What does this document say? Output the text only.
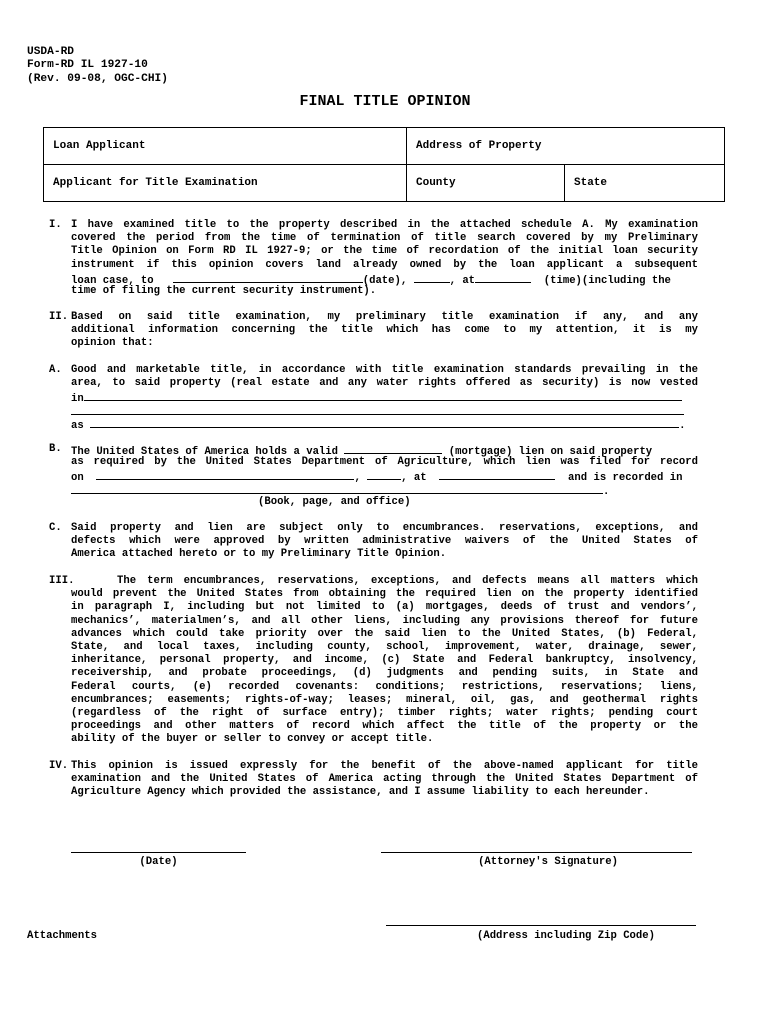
USDA-RD
Form-RD IL 1927-10
(Rev. 09-08, OGC-CHI)
FINAL TITLE OPINION
Loan Applicant	Address of Property	
Applicant for Title Examination	County	State
I. I have examined title to the property described in the attached schedule A. My examination
covered the period from the time of termination of title search covered by my Preliminary
Title Opinion on Form RD IL 1927-9; or the time of recordation of the initial loan security
instrument if this opinion covers land already owned by the loan applicant a subsequent
loan case, to	(date),	, at	(time)(including the
time of filing the current security instrument).
II. Based on said title examination, my preliminary title examination if any, and any
additional information concerning the title which has come to my attention, it is my
opinion that:
A. Good and marketable title, in accordance with title examination standards prevailing in the
area, to said property (real estate and any water rights offered as security) is now vested
in
as	.
B. The United States of America holds a valid	(mortgage) lien on said property
as required by the United States Department of Agriculture, which lien was filed for record
on	,	, at	and is recorded in
.
(Book, page, and office)
C. Said property and lien are subject only to encumbrances. reservations, exceptions, and
defects which were approved by written administrative waivers of the United States of
America attached hereto or to my Preliminary Title Opinion.
III.	The term encumbrances, reservations, exceptions, and defects means all matters which
would prevent the United States from obtaining the required lien on the property identified
in paragraph I, including but not limited to (a) mortgages, deeds of trust and vendors’,
mechanics’, materialmen’s, and all other liens, including any provisions thereof for future
advances which could take priority over the said lien to the United States, (b) Federal,
State, and local taxes, including county, school, improvement, water, drainage, sewer,
inheritance, personal property, and income, (c) State and Federal bankruptcy, insolvency,
receivership, and probate proceedings, (d) judgments and pending suits, in State and
Federal courts, (e) recorded covenants: conditions; restrictions, reservations; liens,
encumbrances; easements; rights-of-way; leases; mineral, oil, gas, and geothermal rights
(regardless of the right of surface entry); timber rights; water rights; pending court
proceedings and other matters of record which affect the title of the property or the
ability of the buyer or seller to convey or accept title.
IV. This opinion is issued expressly for the benefit of the above-named applicant for title
examination and the United States of America acting through the United States Department of
Agriculture Agency which provided the assistance, and I assume liability to each hereunder.
(Date)	(Attorney's Signature)
Attachments	(Address including Zip Code)
